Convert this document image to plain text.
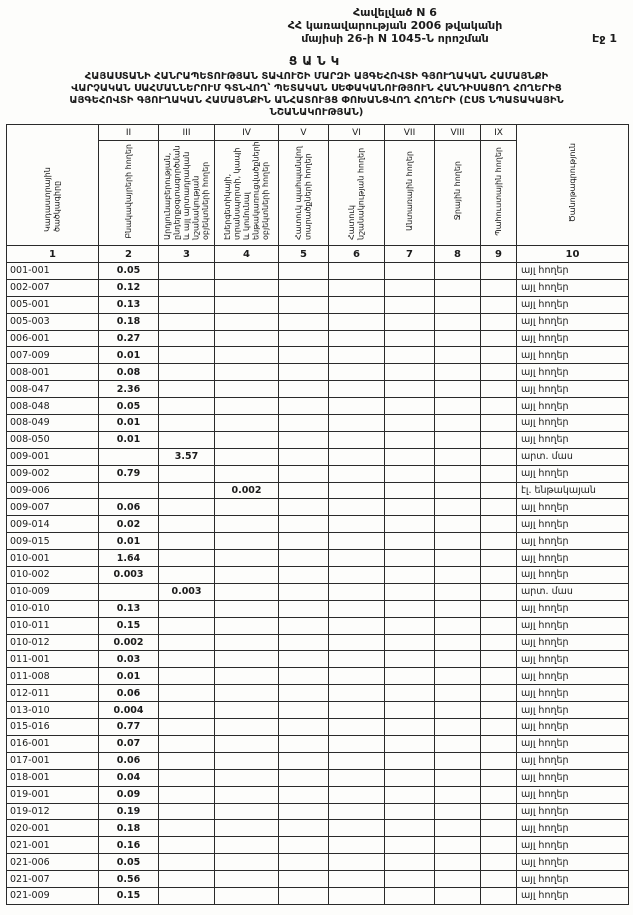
Հավելված N 6
ՀՀ կառավարության 2006 թվականի
մայիսի 26-ի N 1045-Ն որոշման	Էջ 1
ՑԱՆԿ
ՀԱՅԱՍՏԱՆԻ ՀԱՆՐԱՊԵՏՈՒԹՅԱՆ ՏԱՎՈՒՇԻ ՄԱՐԶԻ ԱՅԳԵՀՈՎՏԻ ԳՅՈՒՂԱԿԱՆ ՀԱՄԱՅՆՔԻ ՎԱՐՉԱԿԱՆ ՍԱՀՄԱՆՆԵՐՈՒՄ ԳՏՆՎՈՂ՝ ՊԵՏԱԿԱՆ ՍԵՓԱԿԱՆՈՒԹՅՈՒՆ ՀԱՆԴԻՍԱՑՈՂ ՀՈՂԵՐԻՑ ԱՅԳԵՀՈՎՏԻ ԳՅՈՒՂԱԿԱՆ ՀԱՄԱՅՆՔԻՆ ԱՆՀԱՏՈՒՅՑ ՓՈԽԱՆՑՎՈՂ ՀՈՂԵՐԻ (ԸՍՏ ՆՊԱՏԱԿԱՅԻՆ ՆՇԱՆԱԿՈՒԹՅԱՆ)
Կադաստրային ծածկագիրը	II	III	IV	V	VI	VII	VIII	IX	Ծանոթագրություն
	Բնակավայրերի հողեր	Արդյունաբերության, ընդերքօգտագործման և այլ արտադրական նշանակության օբյեկտների հողեր	Էներգետիկայի, տրանսպորտի, կապի և կոմունալ ենթակառուցվածքների օբյեկտների հողեր	Հատուկ պահպանվող տարածքների հողեր	Հատուկ նշանակության հողեր	Անտառային հողեր	Ջրային հողեր	Պահուստային հողեր	
1	2	3	4	5	6	7	8	9	10
001-001	0.05								այլ հողեր
002-007	0.12								այլ հողեր
005-001	0.13								այլ հողեր
005-003	0.18								այլ հողեր
006-001	0.27								այլ հողեր
007-009	0.01								այլ հողեր
008-001	0.08								այլ հողեր
008-047	2.36								այլ հողեր
008-048	0.05								այլ հողեր
008-049	0.01								այլ հողեր
008-050	0.01								այլ հողեր
009-001		3.57							արտ. մաս
009-002	0.79								այլ հողեր
009-006			0.002						էլ. ենթակայան
009-007	0.06								այլ հողեր
009-014	0.02								այլ հողեր
009-015	0.01								այլ հողեր
010-001	1.64								այլ հողեր
010-002	0.003								այլ հողեր
010-009		0.003							արտ. մաս
010-010	0.13								այլ հողեր
010-011	0.15								այլ հողեր
010-012	0.002								այլ հողեր
011-001	0.03								այլ հողեր
011-008	0.01								այլ հողեր
012-011	0.06								այլ հողեր
013-010	0.004								այլ հողեր
015-016	0.77								այլ հողեր
016-001	0.07								այլ հողեր
017-001	0.06								այլ հողեր
018-001	0.04								այլ հողեր
019-001	0.09								այլ հողեր
019-012	0.19								այլ հողեր
020-001	0.18								այլ հողեր
021-001	0.16								այլ հողեր
021-006	0.05								այլ հողեր
021-007	0.56								այլ հողեր
021-009	0.15								այլ հողեր
